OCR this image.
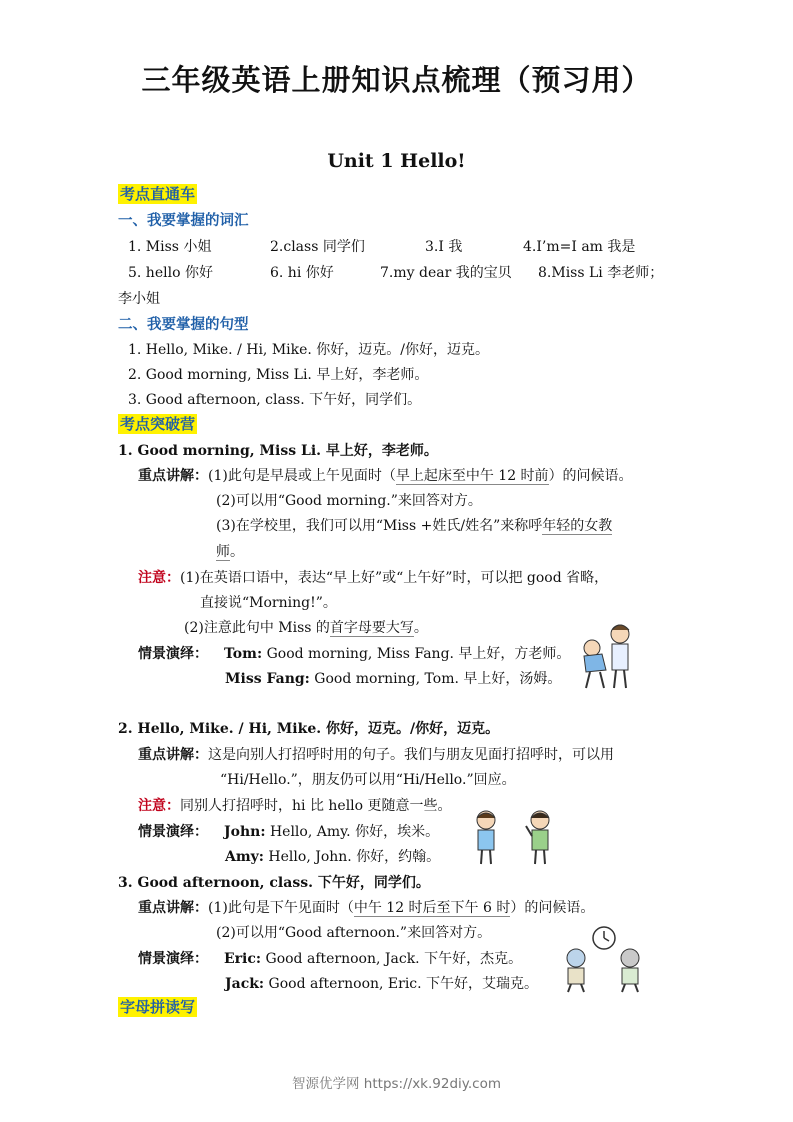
三年级英语上册知识点梳理（预习用）
Unit 1 Hello!
考点直通车
一、我要掌握的词汇
1. Miss 小姐	2.class 同学们	3.I 我	4.I’m=I am 我是
5. hello 你好	6. hi 你好	7.my dear 我的宝贝 8.Miss Li 李老师；
李小姐
二、我要掌握的句型
1. Hello, Mike. / Hi, Mike. 你好，迈克。/你好，迈克。
2. Good morning, Miss Li. 早上好，李老师。
3. Good afternoon, class. 下午好，同学们。
考点突破营
1. Good morning, Miss Li. 早上好，李老师。
重点讲解：(1)此句是早晨或上午见面时（早上起床至中午 12 时前）的问候语。
(2)可以用“Good morning.”来回答对方。
(3)在学校里，我们可以用“Miss +姓氏/姓名”来称呼年轻的女教
师。
注意：(1)在英语口语中，表达“早上好”或“上午好”时，可以把 good 省略，
直接说“Morning!”。
(2)注意此句中 Miss 的首字母要大写。
情景演绎： Tom: Good morning, Miss Fang. 早上好，方老师。
Miss Fang: Good morning, Tom. 早上好，汤姆。
2. Hello, Mike. / Hi, Mike. 你好，迈克。/你好，迈克。
重点讲解：这是向别人打招呼时用的句子。我们与朋友见面打招呼时，可以用
“Hi/Hello.”，朋友仍可以用“Hi/Hello.”回应。
注意：同别人打招呼时，hi 比 hello 更随意一些。
情景演绎： John: Hello, Amy. 你好，埃米。
Amy: Hello, John. 你好，约翰。
3. Good afternoon, class. 下午好，同学们。
重点讲解：(1)此句是下午见面时（中午 12 时后至下午 6 时）的问候语。
(2)可以用“Good afternoon.”来回答对方。
情景演绎： Eric: Good afternoon, Jack. 下午好，杰克。
Jack: Good afternoon, Eric. 下午好，艾瑞克。
字母拼读写
智源优学网 https://xk.92diy.com
